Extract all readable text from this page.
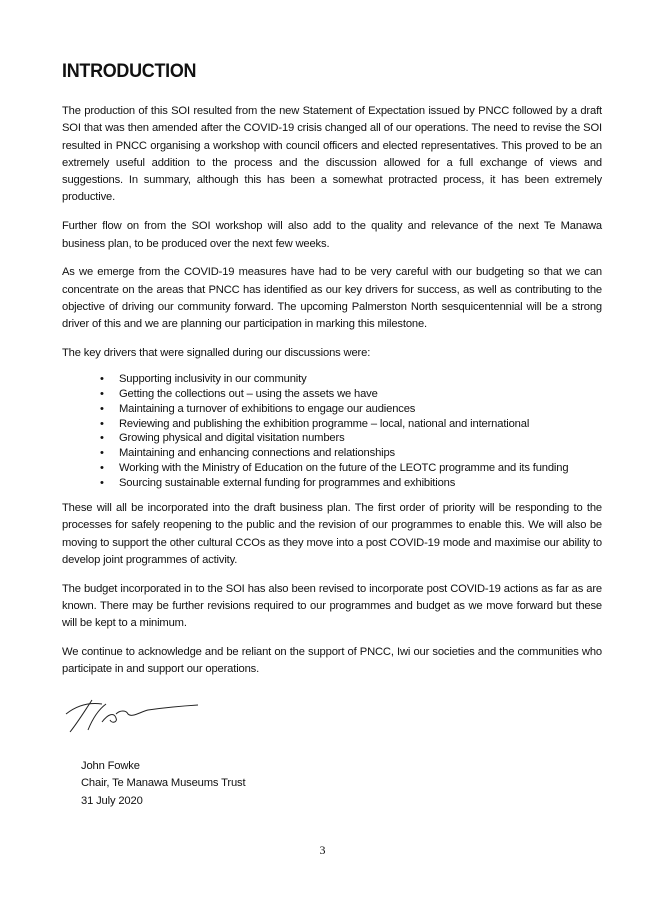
INTRODUCTION

The production of this SOI resulted from the new Statement of Expectation issued by PNCC followed by a draft SOI that was then amended after the COVID-19 crisis changed all of our operations. The need to revise the SOI resulted in PNCC organising a workshop with council officers and elected representatives. This proved to be an extremely useful addition to the process and the discussion allowed for a full exchange of views and suggestions. In summary, although this has been a somewhat protracted process, it has been extremely productive.

Further flow on from the SOI workshop will also add to the quality and relevance of the next Te Manawa business plan, to be produced over the next few weeks.

As we emerge from the COVID-19 measures have had to be very careful with our budgeting so that we can concentrate on the areas that PNCC has identified as our key drivers for success, as well as contributing to the objective of driving our community forward. The upcoming Palmerston North sesquicentennial will be a strong driver of this and we are planning our participation in marking this milestone.

The key drivers that were signalled during our discussions were:

• Supporting inclusivity in our community
• Getting the collections out – using the assets we have
• Maintaining a turnover of exhibitions to engage our audiences
• Reviewing and publishing the exhibition programme – local, national and international
• Growing physical and digital visitation numbers
• Maintaining and enhancing connections and relationships
• Working with the Ministry of Education on the future of the LEOTC programme and its funding
• Sourcing sustainable external funding for programmes and exhibitions

These will all be incorporated into the draft business plan. The first order of priority will be responding to the processes for safely reopening to the public and the revision of our programmes to enable this. We will also be moving to support the other cultural CCOs as they move into a post COVID-19 mode and maximise our ability to develop joint programmes of activity.

The budget incorporated in to the SOI has also been revised to incorporate post COVID-19 actions as far as are known. There may be further revisions required to our programmes and budget as we move forward but these will be kept to a minimum.

We continue to acknowledge and be reliant on the support of PNCC, Iwi our societies and the communities who participate in and support our operations.

John Fowke
Chair, Te Manawa Museums Trust
31 July 2020
3
